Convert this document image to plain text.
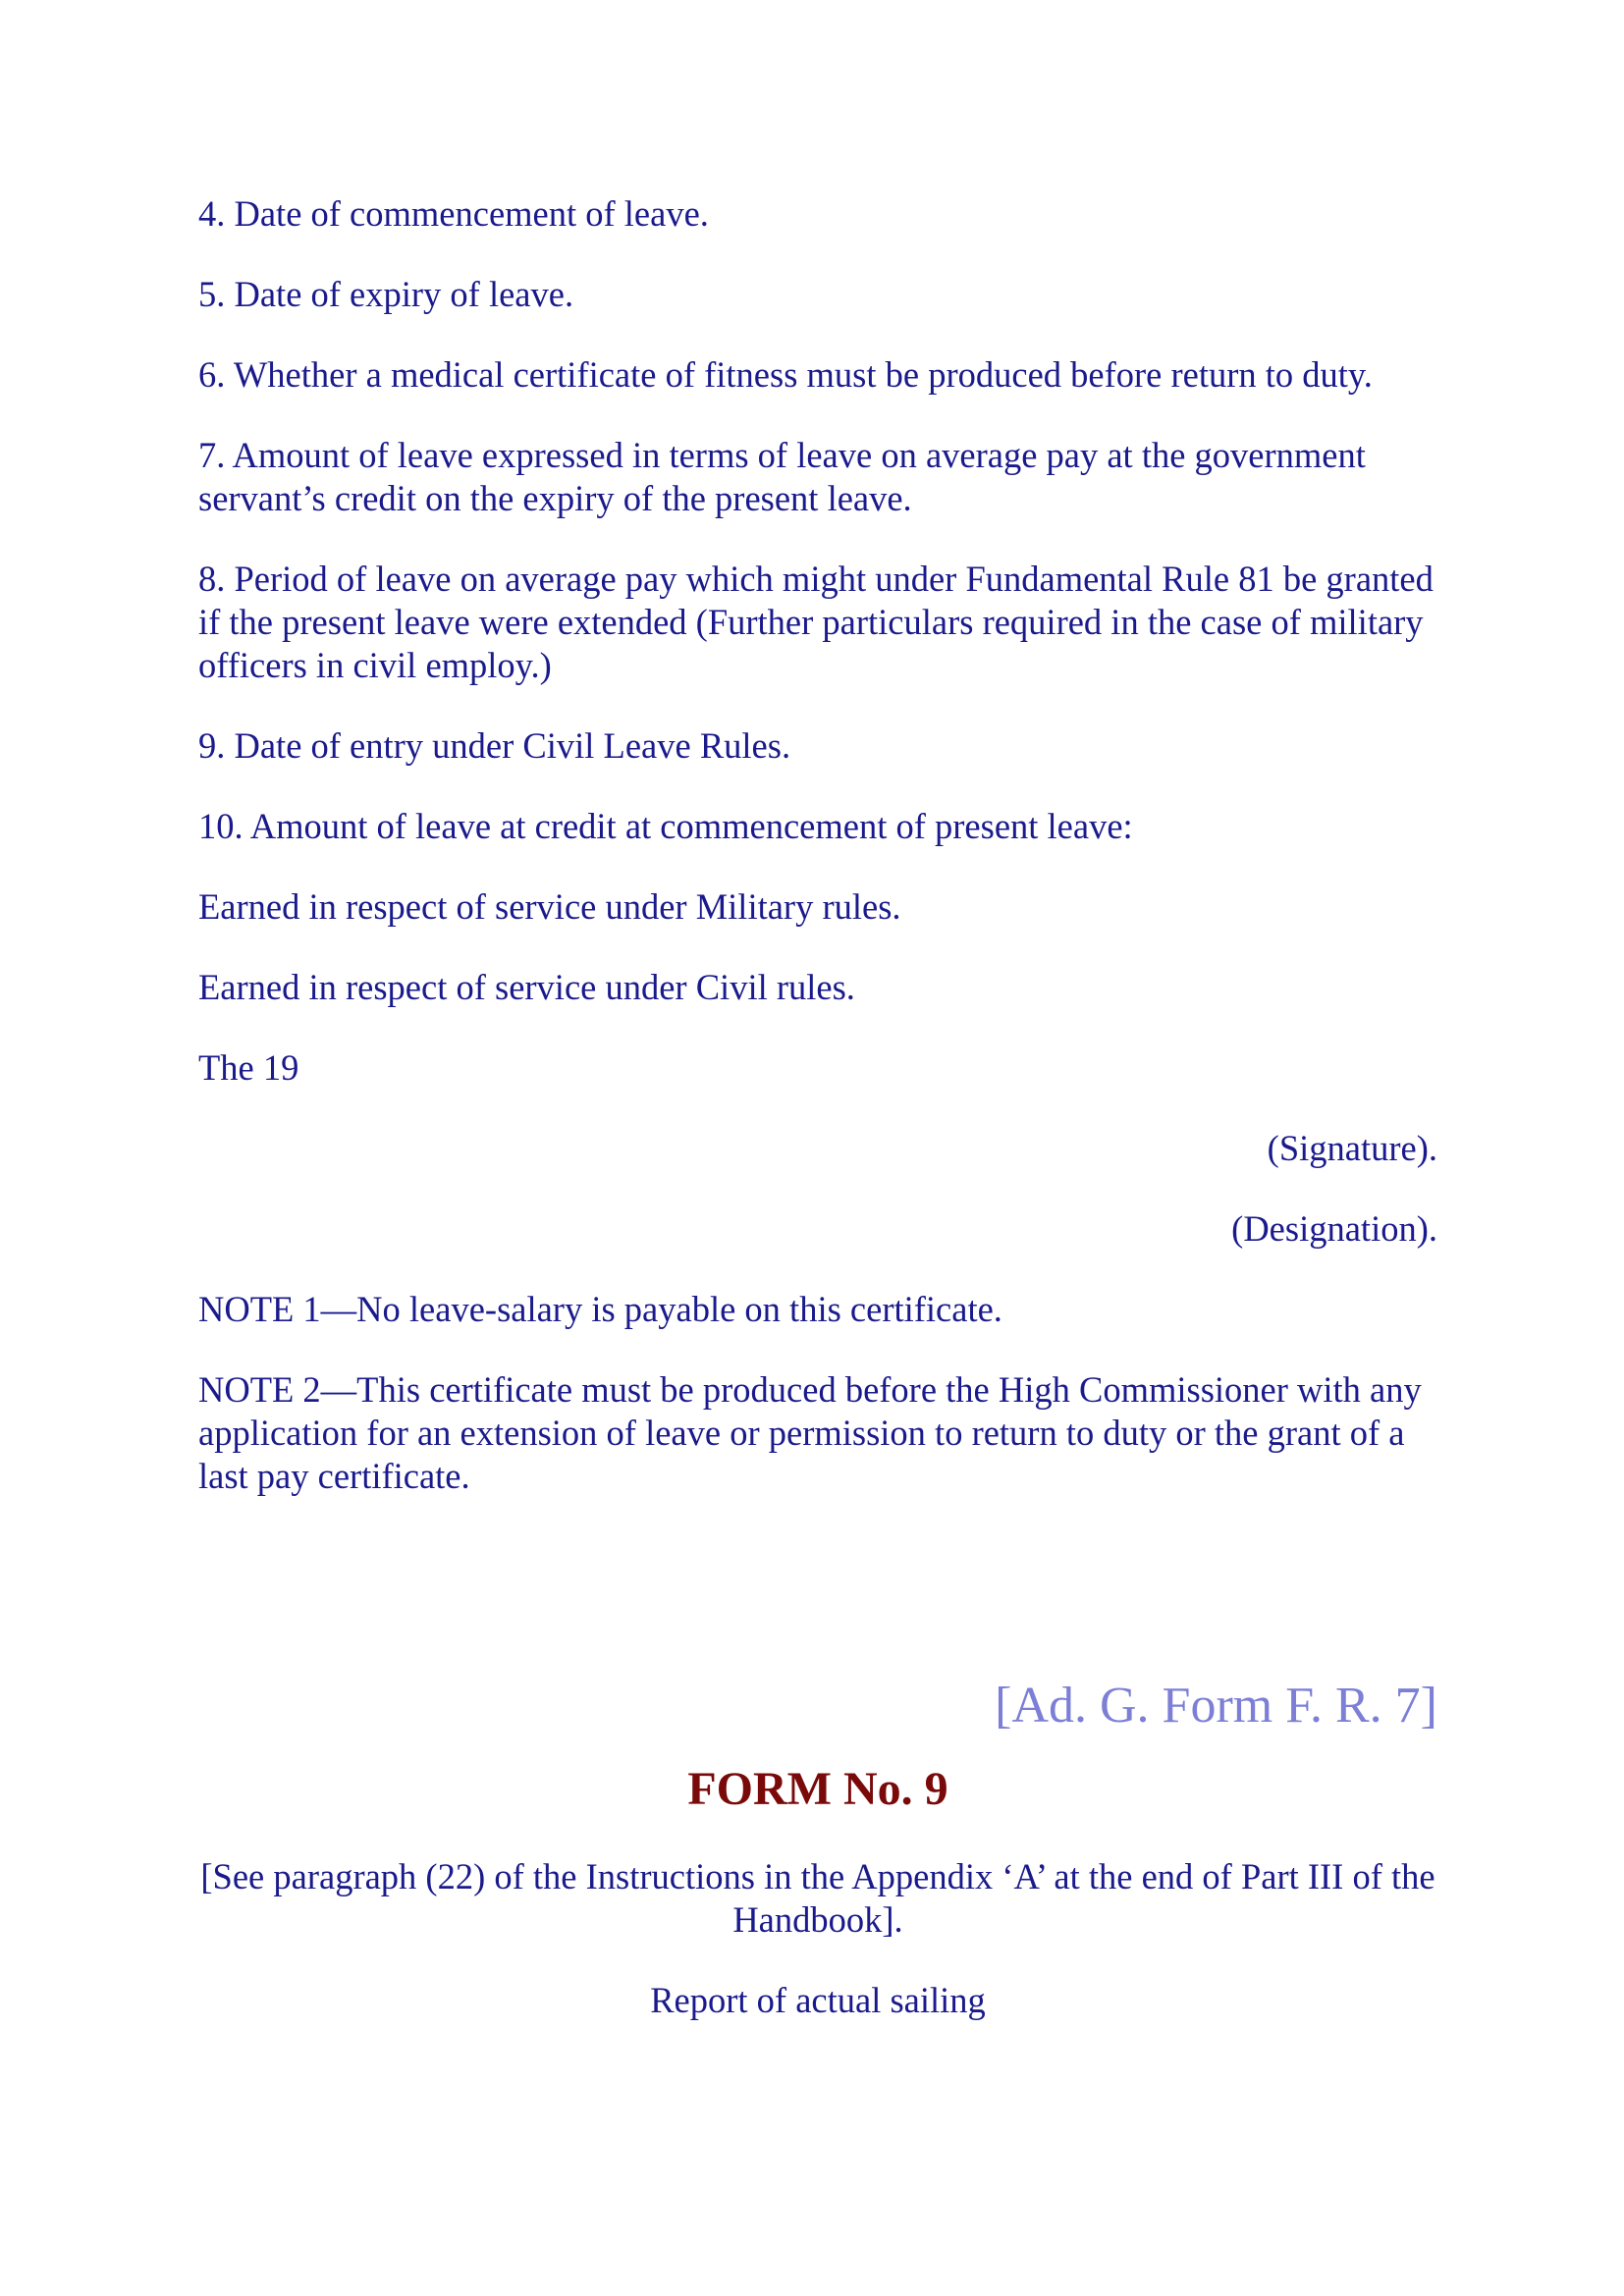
4. Date of commencement of leave.

5. Date of expiry of leave.

6. Whether a medical certificate of fitness must be produced before return to duty.

7. Amount of leave expressed in terms of leave on average pay at the government servant’s credit on the expiry of the present leave.

8. Period of leave on average pay which might under Fundamental Rule 81 be granted if the present leave were extended (Further particulars required in the case of military officers in civil employ.)

9. Date of entry under Civil Leave Rules.

10. Amount of leave at credit at commencement of present leave:

Earned in respect of service under Military rules.

Earned in respect of service under Civil rules.

The 19

(Signature).

(Designation).

NOTE 1—No leave-salary is payable on this certificate.

NOTE 2—This certificate must be produced before the High Commissioner with any application for an extension of leave or permission to return to duty or the grant of a last pay certificate.

[Ad. G. Form F. R. 7]

FORM No. 9

[See paragraph (22) of the Instructions in the Appendix ‘A’ at the end of Part III of the Handbook].

Report of actual sailing
